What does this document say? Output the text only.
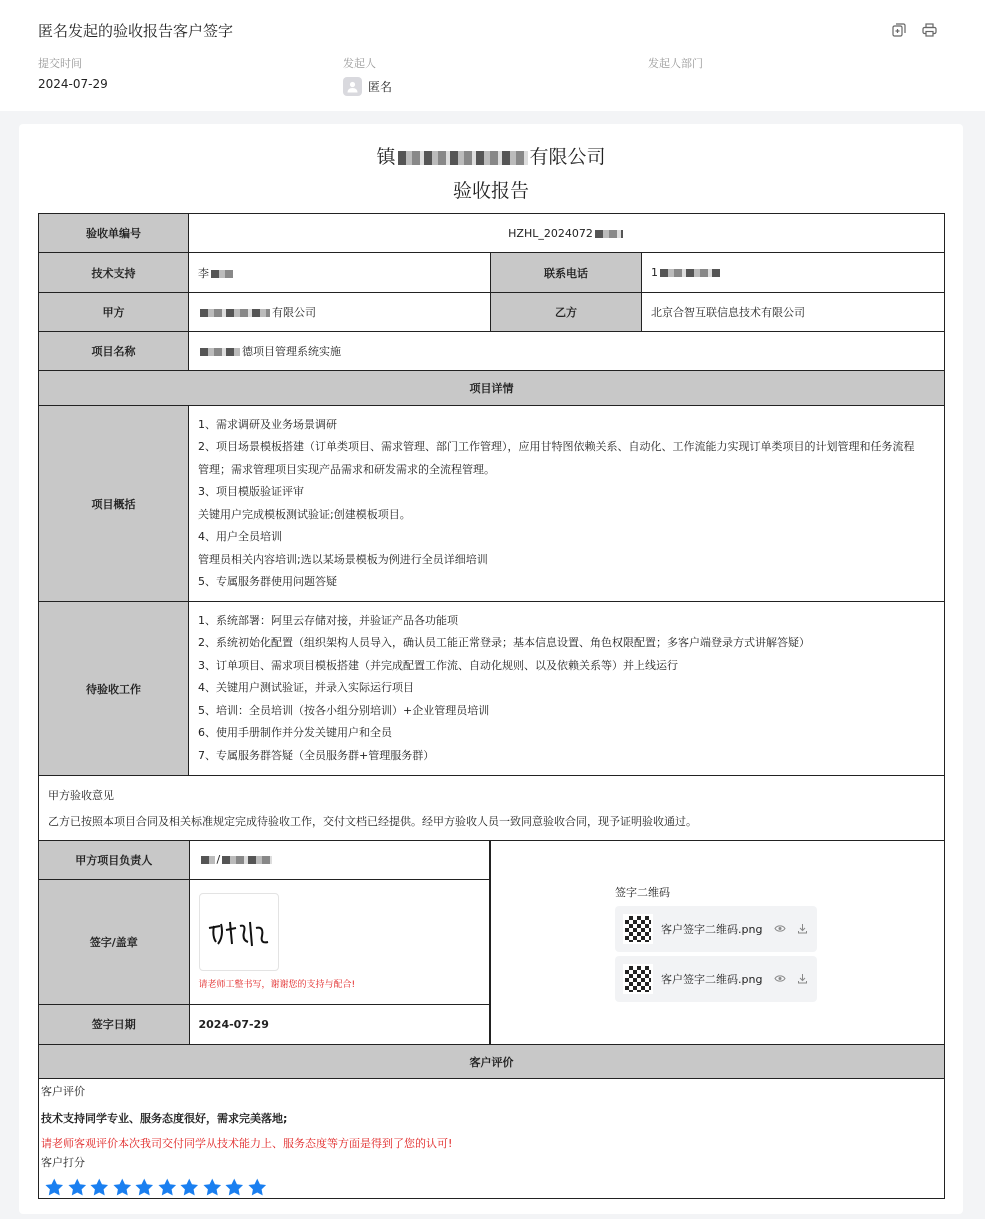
匿名发起的验收报告客户签字
提交时间
2024-07-29
发起人
匿名
发起人部门
镇	有限公司
验收报告
验收单编号	HZHL_2024072
技术支持	李	联系电话	1
甲方	有限公司	乙方	北京合智互联信息技术有限公司
项目名称	德项目管理系统实施
项目详情
项目概括	
1、需求调研及业务场景调研
2、项目场景模板搭建（订单类项目、需求管理、部门工作管理），应用甘特图依赖关系、自动化、工作流能力实现订单类项目的计划管理和任务流程
管理；需求管理项目实现产品需求和研发需求的全流程管理。
3、项目模版验证评审
关键用户完成模板测试验证;创建模板项目。
4、用户全员培训
管理员相关内容培训;选以某场景模板为例进行全员详细培训
5、专属服务群使用问题答疑

待验收工作	
1、系统部署：阿里云存储对接，并验证产品各功能项
2、系统初始化配置（组织架构人员导入，确认员工能正常登录；基本信息设置、角色权限配置；多客户端登录方式讲解答疑）
3、订单项目、需求项目模板搭建（并完成配置工作流、自动化规则、以及依赖关系等）并上线运行
4、关键用户测试验证，并录入实际运行项目
5、培训：全员培训（按各小组分别培训）+企业管理员培训
6、使用手册制作并分发关键用户和全员
7、专属服务群答疑（全员服务群+管理服务群）

甲方验收意见
乙方已按照本项目合同及相关标准规定完成待验收工作，交付文档已经提供。经甲方验收人员一致同意验收合同，现予证明验收通过。

甲方项目负责人	/
签字/盖章	
请老师工整书写，谢谢您的支持与配合!

签字日期	2024-07-29

签字二维码
客户签字二维码.png
客户签字二维码.png

客户评价

客户评价
技术支持同学专业、服务态度很好，需求完美落地;
请老师客观评价本次我司交付同学从技术能力上、服务态度等方面是得到了您的认可!
客户打分
